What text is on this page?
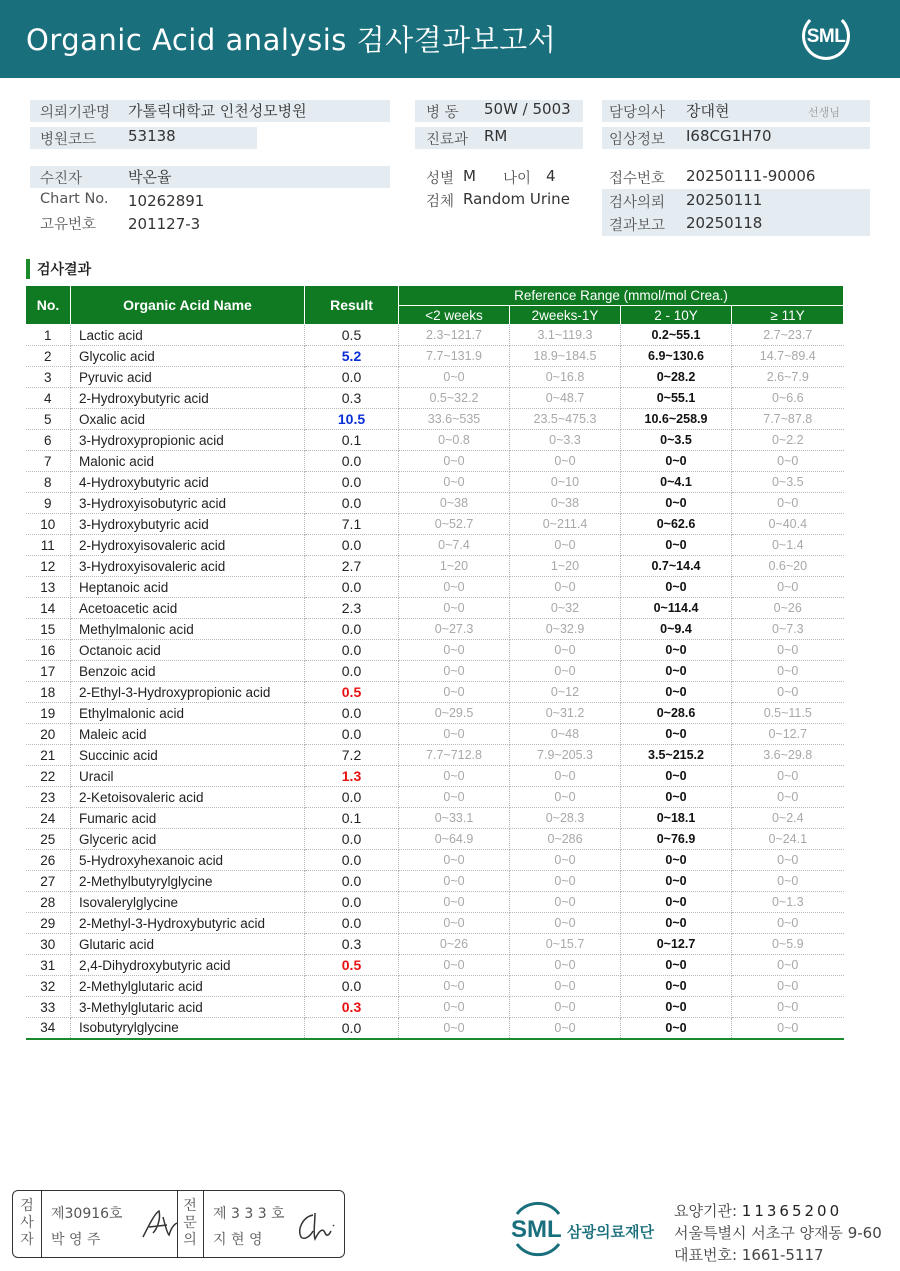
Organic Acid analysis 검사결과보고서	SML
의뢰기관명 가톨릭대학교 인천성모병원
병원코드 53138
병 동 50W / 5003
진료과 RM
담당의사 장대현	선생님
임상정보 I68CG1H70
수진자	박온율
Chart No. 10262891
고유번호 201127-3
성별 M 나이 4
검체 Random Urine
접수번호 20250111-90006
검사의뢰 20250111
결과보고 20250118
검사결과
No.	Organic Acid Name	Result	Reference Range (mmol/mol Crea.)			
			<2 weeks	2weeks-1Y	2 - 10Y	≥ 11Y
1	Lactic acid	0.5	2.3~121.7	3.1~119.3	0.2~55.1	2.7~23.7
2	Glycolic acid	5.2	7.7~131.9	18.9~184.5	6.9~130.6	14.7~89.4
3	Pyruvic acid	0.0	0~0	0~16.8	0~28.2	2.6~7.9
4	2-Hydroxybutyric acid	0.3	0.5~32.2	0~48.7	0~55.1	0~6.6
5	Oxalic acid	10.5	33.6~535	23.5~475.3	10.6~258.9	7.7~87.8
6	3-Hydroxypropionic acid	0.1	0~0.8	0~3.3	0~3.5	0~2.2
7	Malonic acid	0.0	0~0	0~0	0~0	0~0
8	4-Hydroxybutyric acid	0.0	0~0	0~10	0~4.1	0~3.5
9	3-Hydroxyisobutyric acid	0.0	0~38	0~38	0~0	0~0
10	3-Hydroxybutyric acid	7.1	0~52.7	0~211.4	0~62.6	0~40.4
11	2-Hydroxyisovaleric acid	0.0	0~7.4	0~0	0~0	0~1.4
12	3-Hydroxyisovaleric acid	2.7	1~20	1~20	0.7~14.4	0.6~20
13	Heptanoic acid	0.0	0~0	0~0	0~0	0~0
14	Acetoacetic acid	2.3	0~0	0~32	0~114.4	0~26
15	Methylmalonic acid	0.0	0~27.3	0~32.9	0~9.4	0~7.3
16	Octanoic acid	0.0	0~0	0~0	0~0	0~0
17	Benzoic acid	0.0	0~0	0~0	0~0	0~0
18	2-Ethyl-3-Hydroxypropionic acid	0.5	0~0	0~12	0~0	0~0
19	Ethylmalonic acid	0.0	0~29.5	0~31.2	0~28.6	0.5~11.5
20	Maleic acid	0.0	0~0	0~48	0~0	0~12.7
21	Succinic acid	7.2	7.7~712.8	7.9~205.3	3.5~215.2	3.6~29.8
22	Uracil	1.3	0~0	0~0	0~0	0~0
23	2-Ketoisovaleric acid	0.0	0~0	0~0	0~0	0~0
24	Fumaric acid	0.1	0~33.1	0~28.3	0~18.1	0~2.4
25	Glyceric acid	0.0	0~64.9	0~286	0~76.9	0~24.1
26	5-Hydroxyhexanoic acid	0.0	0~0	0~0	0~0	0~0
27	2-Methylbutyrylglycine	0.0	0~0	0~0	0~0	0~0
28	Isovalerylglycine	0.0	0~0	0~0	0~0	0~1.3
29	2-Methyl-3-Hydroxybutyric acid	0.0	0~0	0~0	0~0	0~0
30	Glutaric acid	0.3	0~26	0~15.7	0~12.7	0~5.9
31	2,4-Dihydroxybutyric acid	0.5	0~0	0~0	0~0	0~0
32	2-Methylglutaric acid	0.0	0~0	0~0	0~0	0~0
33	3-Methylglutaric acid	0.3	0~0	0~0	0~0	0~0
34	Isobutyrylglycine	0.0	0~0	0~0	0~0	0~0
검
사
자
제30916호
박 영 주
전
문
의
제 3 3 3 호
지 현 영	SML 삼광의료재단
요양기관: 11365200
서울특별시 서초구 양재동 9-60
대표번호: 1661-5117
